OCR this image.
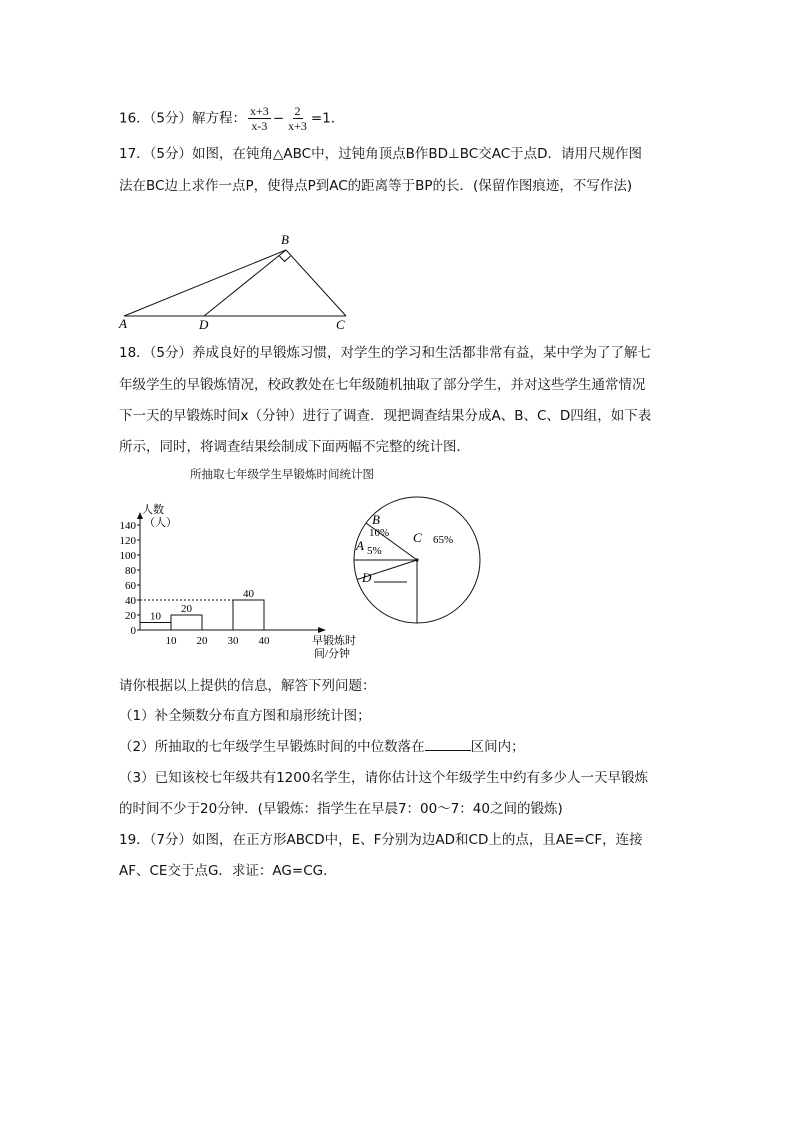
16．（5分）解方程： $\frac{x+3}{x-3} - \frac{2}{x+3} =1$．
17．（5分）如图，在钝角△ABC中，过钝角顶点B作BD⊥BC交AC于点D．请用尺规作图
法在BC边上求作一点P，使得点P到AC的距离等于BP的长．(保留作图痕迹，不写作法)
A
B
C
D
18．（5分）养成良好的早锻炼习惯，对学生的学习和生活都非常有益，某中学为了了解七
年级学生的早锻炼情况，校政教处在七年级随机抽取了部分学生，并对这些学生通常情况
下一天的早锻炼时间x（分钟）进行了调查．现把调查结果分成A、B、C、D四组，如下表
所示，同时，将调查结果绘制成下面两幅不完整的统计图．
所抽取七年级学生早锻炼时间统计图
0
20
40
60
80
100
120
140
人数
（人）
10 20 30 40	早锻炼时
间/分钟
10
20
40
A 5%
B
10% C 65%
D
请你根据以上提供的信息，解答下列问题：
（1）补全频数分布直方图和扇形统计图；
（2）所抽取的七年级学生早锻炼时间的中位数落在	区间内；
（3）已知该校七年级共有1200名学生，请你估计这个年级学生中约有多少人一天早锻炼
的时间不少于20分钟．(早锻炼：指学生在早晨7：00～7：40之间的锻炼)
19．（7分）如图，在正方形ABCD中，E、F分别为边AD和CD上的点，且AE=CF，连接
AF、CE交于点G．求证：AG=CG．
